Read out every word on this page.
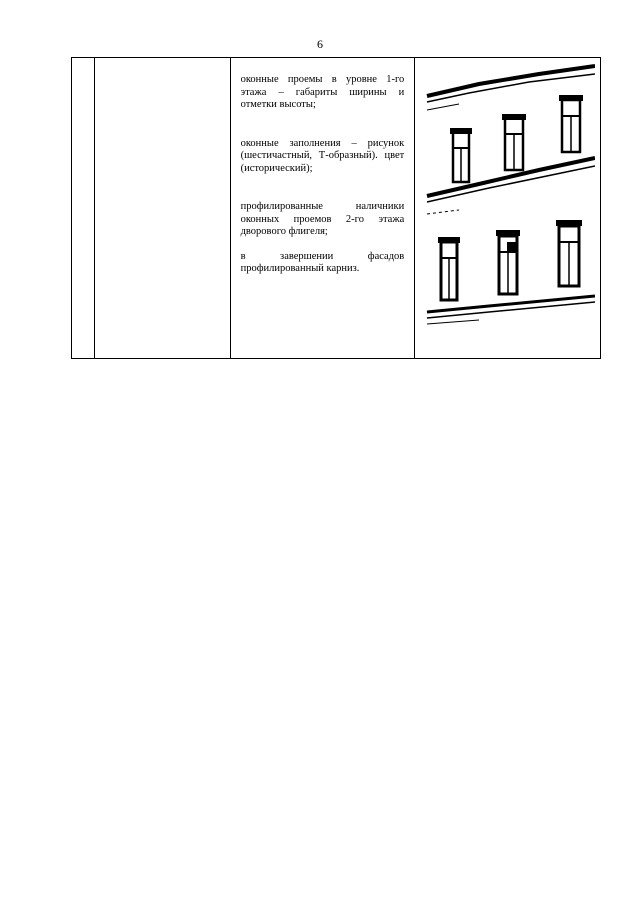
6

оконные проемы в уровне 1-го этажа – габариты ширины и отметки высоты;

оконные заполнения – рисунок (шестичастный, Т-образный). цвет (исторический);

профилированные наличники оконных проемов 2-го этажа дворового флигеля;

в завершении фасадов профилированный карниз.
